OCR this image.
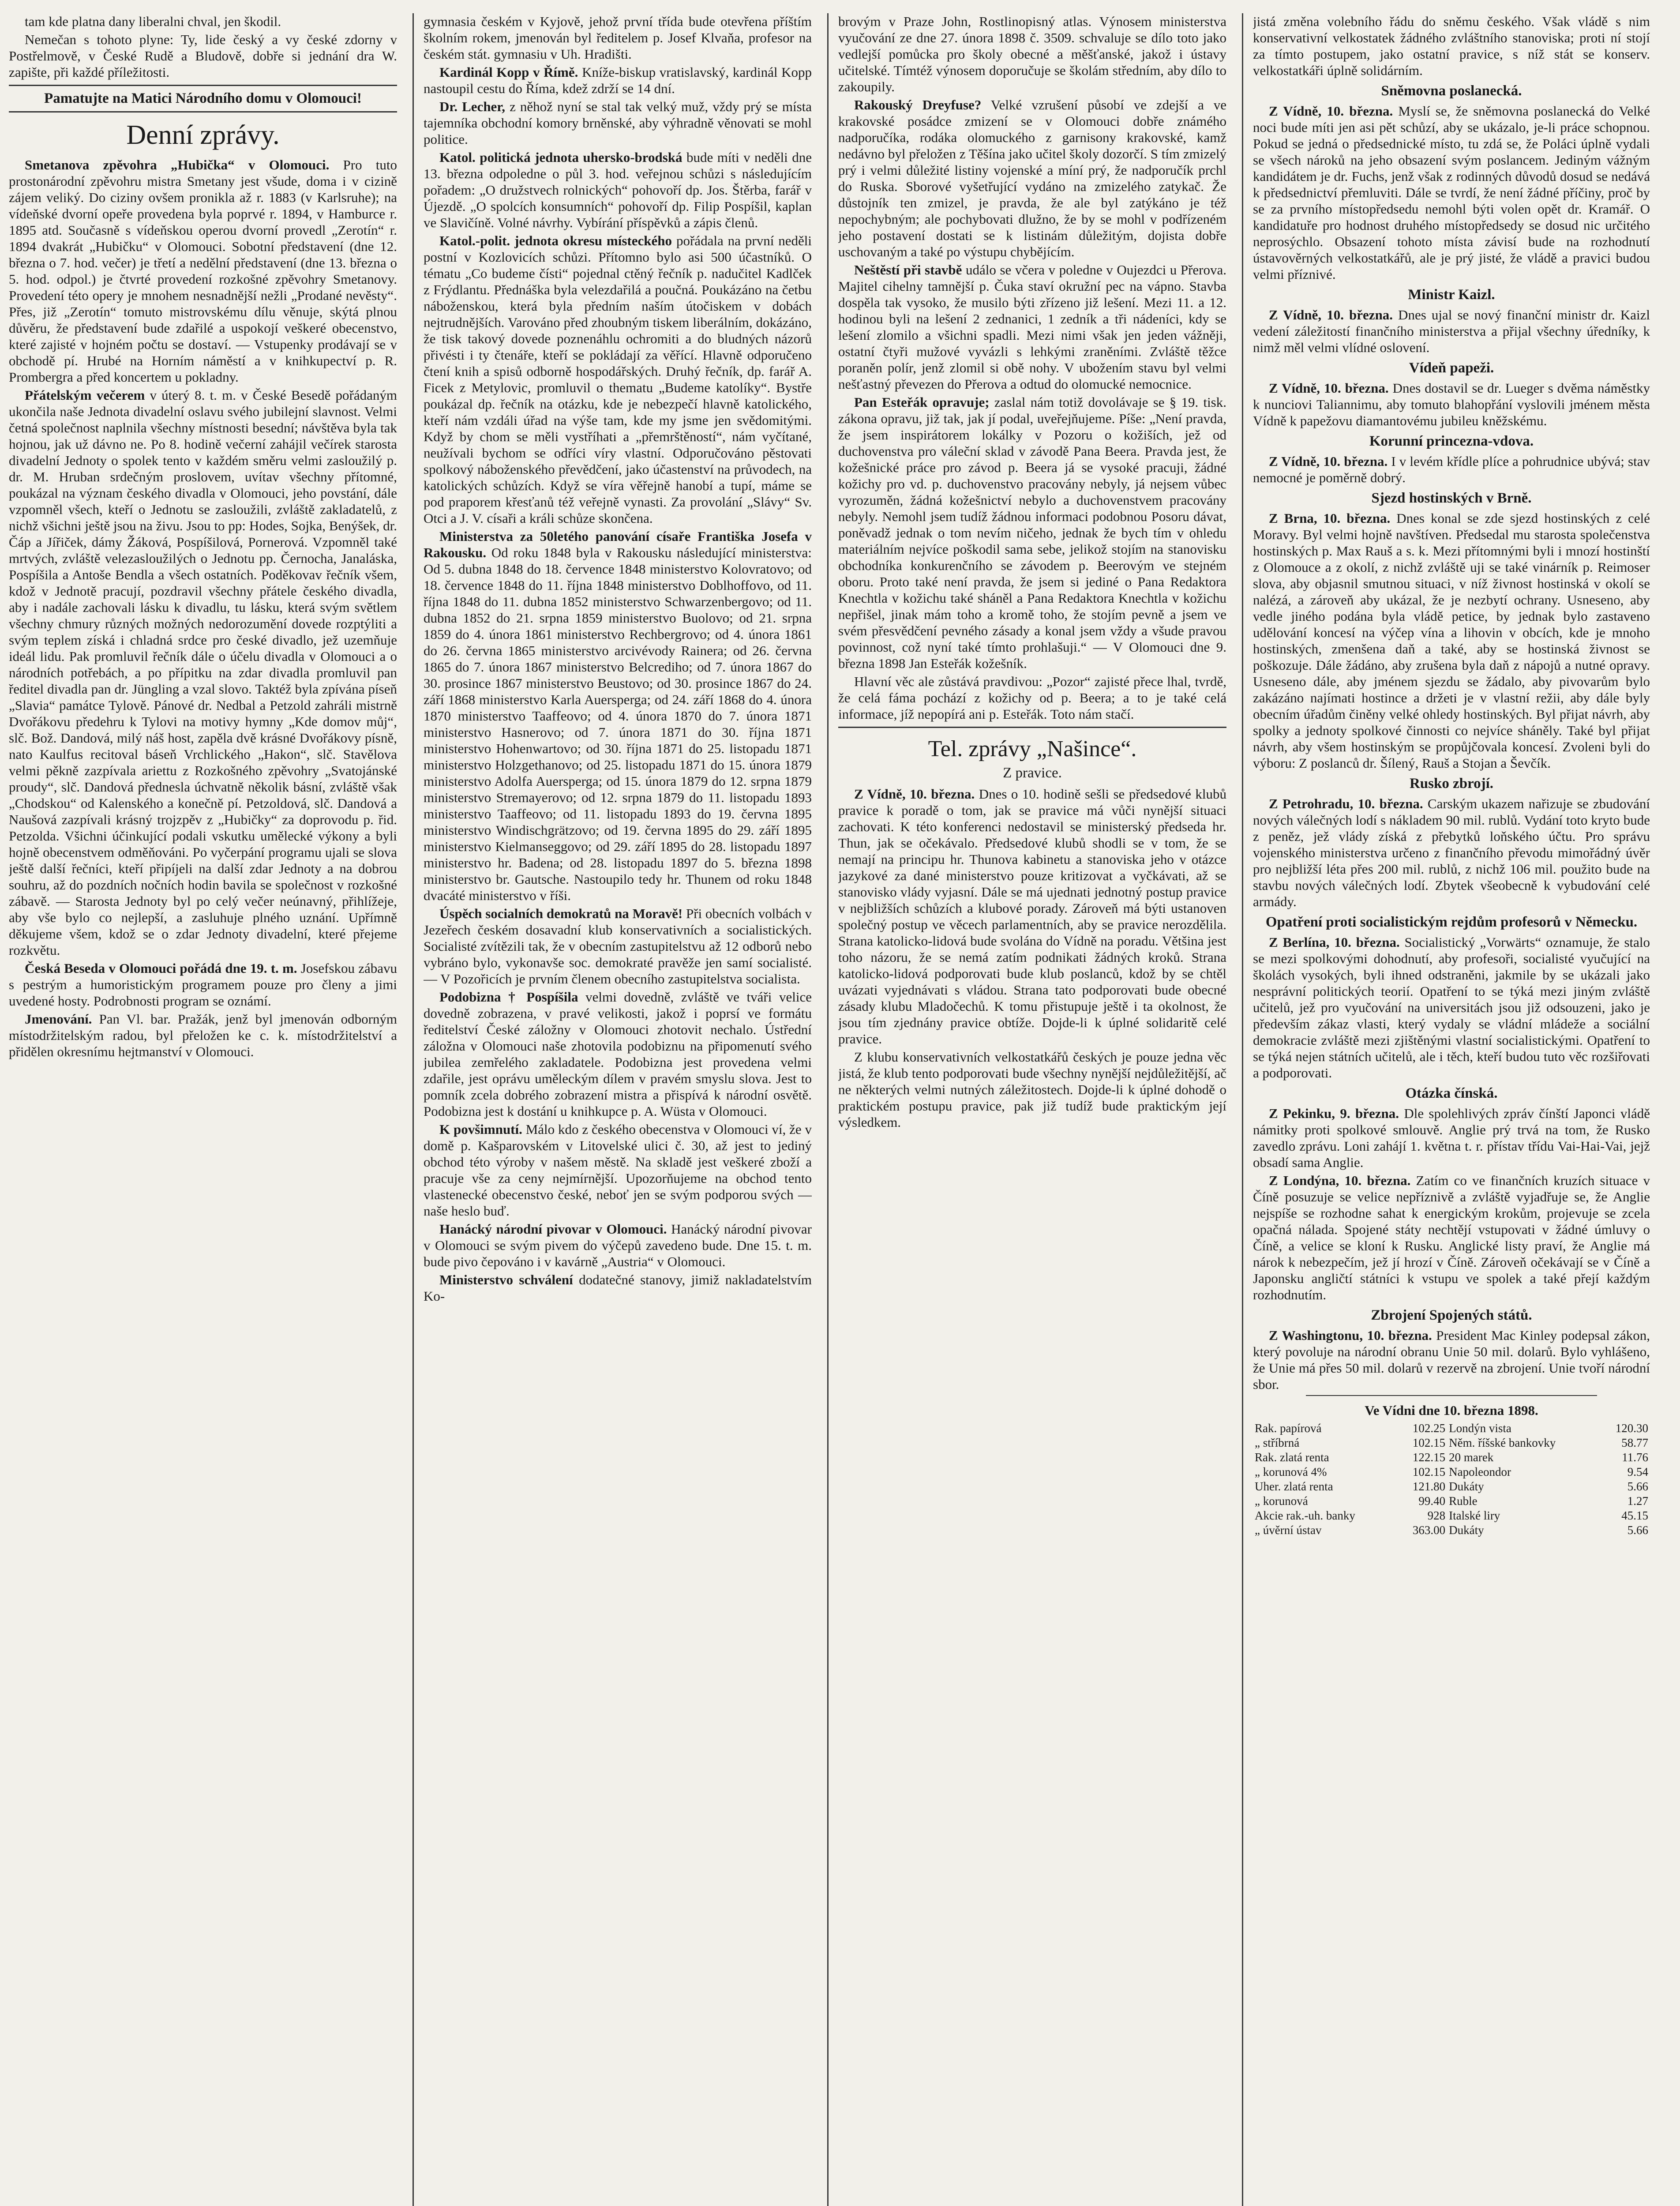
tam kde platna dany liberalni chval, jen škodil.

Nemečan s tohoto plyne: Ty, lide český a vy české zdorny v Postřelmově, v České Rudě a Bludově, dobře si jednání dra W. zapište, při každé příležitosti.

Pamatujte na Matici Národního domu v Olomouci!
Denní zprávy.

Smetanova zpěvohra „Hubička“ v Olomouci. Pro tuto prostonárodní zpěvohru mistra Smetany jest všude, doma i v cizině zájem veliký. Do ciziny ovšem pronikla až r. 1883 (v Karlsruhe); na vídeňské dvorní opeře provedena byla poprvé r. 1894, v Hamburce r. 1895 atd. Současně s vídeňskou operou dvorní provedl „Zerotín“ r. 1894 dvakrát „Hubičku“ v Olomouci. Sobotní představení (dne 12. března o 7. hod. večer) je třetí a nedělní představení (dne 13. března o 5. hod. odpol.) je čtvrté provedení rozkošné zpěvohry Smetanovy. Provedení této opery je mnohem nesnadnější nežli „Prodané nevěsty“. Přes, již „Zerotín“ tomuto mistrovskému dílu věnuje, skýtá plnou důvěru, že představení bude zdařilé a uspokojí veškeré obecenstvo, které zajisté v hojném počtu se dostaví. — Vstupenky prodávají se v obchodě pí. Hrubé na Horním náměstí a v knihkupectví p. R. Prombergra a před koncertem u pokladny.

Přátelským večerem v úterý 8. t. m. v České Besedě pořádaným ukončila naše Jednota divadelní oslavu svého jubilejní slavnost. Velmi četná společnost naplnila všechny místnosti besední; návštěva byla tak hojnou, jak už dávno ne. Po 8. hodině večerní zahájil večírek starosta divadelní Jednoty o spolek tento v každém směru velmi zasloužilý p. dr. M. Hruban srdečným proslovem, uvítav všechny přítomné, poukázal na význam českého divadla v Olomouci, jeho povstání, dále vzpomněl všech, kteří o Jednotu se zasloužili, zvláště zakladatelů, z nichž všichni ještě jsou na živu. Jsou to pp: Hodes, Sojka, Benýšek, dr. Čáp a Jířiček, dámy Žáková, Pospíšilová, Pornerová. Vzpomněl také mrtvých, zvláště velezasloužilých o Jednotu pp. Černocha, Janaláska, Pospíšila a Antoše Bendla a všech ostatních. Poděkovav řečník všem, kdož v Jednotě pracují, pozdravil všechny přátele českého divadla, aby i nadále zachovali lásku k divadlu, tu lásku, která svým světlem všechny chmury různých možných nedorozumění dovede rozptýliti a svým teplem získá i chladná srdce pro české divadlo, jež uzemňuje ideál lidu. Pak promluvil řečník dále o účelu divadla v Olomouci a o národních potřebách, a po přípitku na zdar divadla promluvil pan ředitel divadla pan dr. Jüngling a vzal slovo. Taktéž byla zpívána píseň „Slavia“ památce Tylově. Pánové dr. Nedbal a Petzold zahráli mistrně Dvořákovu předehru k Tylovi na motivy hymny „Kde domov můj“, slč. Bož. Dandová, milý náš host, zapěla dvě krásné Dvořákovy písně, nato Kaulfus recitoval báseň Vrchlického „Hakon“, slč. Stavělova velmi pěkně zazpívala ariettu z Rozkošného zpěvohry „Svatojánské proudy“, slč. Dandová přednesla úchvatně několik básní, zvláště však „Chodskou“ od Kalenského a konečně pí. Petzoldová, slč. Dandová a Naušová zazpívali krásný trojzpěv z „Hubičky“ za doprovodu p. řid. Petzolda. Všichni účinkující podali vskutku umělecké výkony a byli hojně obecenstvem odměňováni. Po vyčerpání programu ujali se slova ještě další řečníci, kteří připíjeli na další zdar Jednoty a na dobrou souhru, až do pozdních nočních hodin bavila se společnost v rozkošné zábavě. — Starosta Jednoty byl po celý večer neúnavný, přihlížeje, aby vše bylo co nejlepší, a zasluhuje plného uznání. Upřímně děkujeme všem, kdož se o zdar Jednoty divadelní, které přejeme rozkvětu.

Česká Beseda v Olomouci pořádá dne 19. t. m. Josefskou zábavu s pestrým a humoristickým programem pouze pro členy a jimi uvedené hosty. Podrobnosti program se oznámí.

Jmenování. Pan Vl. bar. Pražák, jenž byl jmenován odborným místodržitelským radou, byl přeložen ke c. k. místodržitelství a přidělen okresnímu hejtmanství v Olomouci.

gymnasia českém v Kyjově, jehož první třída bude otevřena příštím školním rokem, jmenován byl ředitelem p. Josef Klvaňa, profesor na českém stát. gymnasiu v Uh. Hradišti.

Kardinál Kopp v Římě. Kníže-biskup vratislavský, kardinál Kopp nastoupil cestu do Říma, kdež zdrží se 14 dní.

Dr. Lecher, z něhož nyní se stal tak velký muž, vždy prý se místa tajemníka obchodní komory brněnské, aby výhradně věnovati se mohl politice.

Katol. politická jednota uhersko-brodská bude míti v neděli dne 13. března odpoledne o půl 3. hod. veřejnou schůzi s následujícím pořadem: „O družstvech rolnických“ pohovoří dp. Jos. Štěrba, farář v Újezdě. „O spolcích konsumních“ pohovoří dp. Filip Pospíšil, kaplan ve Slavičíně. Volné návrhy. Vybírání příspěvků a zápis členů.

Katol.-polit. jednota okresu místeckého pořádala na první neděli postní v Kozlovicích schůzi. Přítomno bylo asi 500 účastníků. O tématu „Co budeme čísti“ pojednal ctěný řečník p. nadučitel Kadlček z Frýdlantu. Přednáška byla velezdařilá a poučná. Poukázáno na četbu náboženskou, která byla předním naším útočiskem v dobách nejtrudnějších. Varováno před zhoubným tiskem liberálním, dokázáno, že tisk takový dovede poznenáhlu ochromiti a do bludných názorů přivésti i ty čtenáře, kteří se pokládají za věřící. Hlavně odporučeno čtení knih a spisů odborně hospodářských. Druhý řečník, dp. farář A. Ficek z Metylovic, promluvil o thematu „Budeme katolíky“. Bystře poukázal dp. řečník na otázku, kde je nebezpečí hlavně katolického, kteří nám vzdáli úřad na výše tam, kde my jsme jen svědomitými. Když by chom se měli vystříhati a „přemrštěností“, nám vyčítané, neužívali bychom se odříci víry vlastní. Odporučováno pěstovati spolkový náboženského převědčení, jako účastenství na průvodech, na katolických schůzích. Když se víra věřejně hanobí a tupí, máme se pod praporem křesťanů též veřejně vynasti. Za provolání „Slávy“ Sv. Otci a J. V. císaři a králi schůze skončena.

Ministerstva za 50letého panování císaře Františka Josefa v Rakousku. Od roku 1848 byla v Rakousku následující ministerstva: Od 5. dubna 1848 do 18. července 1848 ministerstvo Kolovratovo; od 18. července 1848 do 11. října 1848 ministerstvo Doblhoffovo, od 11. října 1848 do 11. dubna 1852 ministerstvo Schwarzenbergovo; od 11. dubna 1852 do 21. srpna 1859 ministerstvo Buolovo; od 21. srpna 1859 do 4. února 1861 ministerstvo Rechbergrovo; od 4. února 1861 do 26. června 1865 ministerstvo arcivévody Rainera; od 26. června 1865 do 7. února 1867 ministerstvo Belcrediho; od 7. února 1867 do 30. prosince 1867 ministerstvo Beustovo; od 30. prosince 1867 do 24. září 1868 ministerstvo Karla Auersperga; od 24. září 1868 do 4. února 1870 ministerstvo Taaffeovo; od 4. února 1870 do 7. února 1871 ministerstvo Hasnerovo; od 7. února 1871 do 30. října 1871 ministerstvo Hohenwartovo; od 30. října 1871 do 25. listopadu 1871 ministerstvo Holzgethanovo; od 25. listopadu 1871 do 15. února 1879 ministerstvo Adolfa Auersperga; od 15. února 1879 do 12. srpna 1879 ministerstvo Stremayerovo; od 12. srpna 1879 do 11. listopadu 1893 ministerstvo Taaffeovo; od 11. listopadu 1893 do 19. června 1895 ministerstvo Windischgrätzovo; od 19. června 1895 do 29. září 1895 ministerstvo Kielmanseggovo; od 29. září 1895 do 28. listopadu 1897 ministerstvo hr. Badena; od 28. listopadu 1897 do 5. března 1898 ministerstvo br. Gautsche. Nastoupilo tedy hr. Thunem od roku 1848 dvacáté ministerstvo v říši.

Úspěch socialních demokratů na Moravě! Při obecních volbách v Jezeřech českém dosavadní klub konservativních a socialistických. Socialisté zvítězili tak, že v obecním zastupitelstvu až 12 odborů nebo vybráno bylo, vykonavše soc. demokraté pravěže jen samí socialisté. — V Pozořicích je prvním členem obecního zastupitelstva socialista.

Podobizna † Pospíšila velmi dovedně, zvláště ve tváři velice dovedně zobrazena, v pravé velikosti, jakož i poprsí ve formátu ředitelství České záložny v Olomouci zhotovit nechalo. Ústřední záložna v Olomouci naše zhotovila podobiznu na připomenutí svého jubilea zemřelého zakladatele. Podobizna jest provedena velmi zdařile, jest oprávu uměleckým dílem v pravém smyslu slova. Jest to pomník zcela dobrého zobrazení mistra a přispívá k národní osvětě. Podobizna jest k dostání u knihkupce p. A. Wüsta v Olomouci.

K povšimnutí. Málo kdo z českého obecenstva v Olomouci ví, že v domě p. Kašparovském v Litovelské ulici č. 30, až jest to jediný obchod této výroby v našem městě. Na skladě jest veškeré zboží a pracuje vše za ceny nejmírnější. Upozorňujeme na obchod tento vlastenecké obecenstvo české, neboť jen se svým podporou svých — naše heslo buď.

Hanácký národní pivovar v Olomouci. Hanácký národní pivovar v Olomouci se svým pivem do výčepů zavedeno bude. Dne 15. t. m. bude pivo čepováno i v kavárně „Austria“ v Olomouci.

Ministerstvo schválení dodatečné stanovy, jimiž nakladatelstvím Ko-

brovým v Praze John, Rostlinopisný atlas. Výnosem ministerstva vyučování ze dne 27. února 1898 č. 3509. schvaluje se dílo toto jako vedlejší pomůcka pro školy obecné a měšťanské, jakož i ústavy učitelské. Tímtéž výnosem doporučuje se školám středním, aby dílo to zakoupily.

Rakouský Dreyfuse? Velké vzrušení působí ve zdejší a ve krakovské posádce zmizení se v Olomouci dobře známého nadporučíka, rodáka olomuckého z garnisony krakovské, kamž nedávno byl přeložen z Těšína jako učitel školy dozorčí. S tím zmizelý prý i velmi důležité listiny vojenské a míní prý, že nadporučík prchl do Ruska. Sborové vyšetřující vydáno na zmizelého zatykač. Že důstojník ten zmizel, je pravda, že ale byl zatýkáno je též nepochybným; ale pochybovati dlužno, že by se mohl v podřízeném jeho postavení dostati se k listinám důležitým, dojista dobře uschovaným a také po výstupu chybějícím.

Neštěstí při stavbě událo se včera v poledne v Oujezdci u Přerova. Majitel cihelny tamnější p. Čuka staví okružní pec na vápno. Stavba dospěla tak vysoko, že musilo býti zřízeno již lešení. Mezi 11. a 12. hodinou byli na lešení 2 zednanici, 1 zedník a tři nádeníci, kdy se lešení zlomilo a všichni spadli. Mezi nimi však jen jeden vážněji, ostatní čtyři mužové vyvázli s lehkými zraněními. Zvláště těžce poraněn polír, jenž zlomil si obě nohy. V ubožením stavu byl velmi nešťastný převezen do Přerova a odtud do olomucké nemocnice.

Pan Esteřák opravuje; zaslal nám totiž dovolávaje se § 19. tisk. zákona opravu, již tak, jak jí podal, uveřejňujeme. Píše: „Není pravda, že jsem inspirátorem lokálky v Pozoru o kožiších, jež od duchovenstva pro váleční sklad v závodě Pana Beera. Pravda jest, že kožešnické práce pro závod p. Beera já se vysoké pracuji, žádné kožichy pro vd. p. duchovenstvo pracovány nebyly, já nejsem vůbec vyrozuměn, žádná kožešnictví nebylo a duchovenstvem pracovány nebyly. Nemohl jsem tudíž žádnou informaci podobnou Posoru dávat, poněvadž jednak o tom nevím ničeho, jednak že bych tím v ohledu materiálním nejvíce poškodil sama sebe, jelikož stojím na stanovisku obchodníka konkurenčního se závodem p. Beerovým ve stejném oboru. Proto také není pravda, že jsem si jediné o Pana Redaktora Knechtla v kožichu také sháněl a Pana Redaktora Knechtla v kožichu nepřišel, jinak mám toho a kromě toho, že stojím pevně a jsem ve svém přesvědčení pevného zásady a konal jsem vždy a všude pravou povinnost, což nyní také tímto prohlašuji.“ — V Olomouci dne 9. března 1898 Jan Esteřák kožešník.

Hlavní věc ale zůstává pravdivou: „Pozor“ zajisté přece lhal, tvrdě, že celá fáma pochází z kožichy od p. Beera; a to je také celá informace, jíž nepopírá ani p. Esteřák. Toto nám stačí.

Tel. zprávy „Našince“.
Z pravice.

Z Vídně, 10. března. Dnes o 10. hodině sešli se předsedové klubů pravice k poradě o tom, jak se pravice má vůči nynější situaci zachovati. K této konferenci nedostavil se ministerský předseda hr. Thun, jak se očekávalo. Předsedové klubů shodli se v tom, že se nemají na principu hr. Thunova kabinetu a stanoviska jeho v otázce jazykové za dané ministerstvo pouze kritizovat a vyčkávati, až se stanovisko vlády vyjasní. Dále se má ujednati jednotný postup pravice v nejbližších schůzích a klubové porady. Zároveň má býti ustanoven společný postup ve věcech parlamentních, aby se pravice nerozdělila. Strana katolicko-lidová bude svolána do Vídně na poradu. Většina jest toho názoru, že se nemá zatím podnikati žádných kroků. Strana katolicko-lidová podporovati bude klub poslanců, kdož by se chtěl uvázati vyjednávati s vládou. Strana tato podporovati bude obecné zásady klubu Mladočechů. K tomu přistupuje ještě i ta okolnost, že jsou tím zjednány pravice obtíže. Dojde-li k úplné solidaritě celé pravice.

Z klubu konservativních velkostatkářů českých je pouze jedna věc jistá, že klub tento podporovati bude všechny nynější nejdůležitější, ač ne některých velmi nutných záležitostech. Dojde-li k úplné dohodě o praktickém postupu pravice, pak již tudíž bude praktickým její výsledkem.

jistá změna volebního řádu do sněmu českého. Však vládě s nim konservativní velkostatek žádného zvláštního stanoviska; proti ní stojí za tímto postupem, jako ostatní pravice, s níž stát se konserv. velkostatkáři úplně solidárním.

Sněmovna poslanecká.

Z Vídně, 10. března. Myslí se, že sněmovna poslanecká do Velké noci bude míti jen asi pět schůzí, aby se ukázalo, je-li práce schopnou. Pokud se jedná o předsednické místo, tu zdá se, že Poláci úplně vydali se všech nároků na jeho obsazení svým poslancem. Jediným vážným kandidátem je dr. Fuchs, jenž však z rodinných důvodů dosud se nedává k předsednictví přemluviti. Dále se tvrdí, že není žádné příčiny, proč by se za prvního místopředsedu nemohl býti volen opět dr. Kramář. O kandidatuře pro hodnost druhého místopředsedy se dosud nic určitého neprosýchlo. Obsazení tohoto místa závisí bude na rozhodnutí ústavověrných velkostatkářů, ale je prý jisté, že vládě a pravici budou velmi příznivé.

Ministr Kaizl.

Z Vídně, 10. března. Dnes ujal se nový finanční ministr dr. Kaizl vedení záležitostí finančního ministerstva a přijal všechny úředníky, k nimž měl velmi vlídné oslovení.

Vídeň papeži.

Z Vídně, 10. března. Dnes dostavil se dr. Lueger s dvěma náměstky k nunciovi Taliannimu, aby tomuto blahopřání vyslovili jménem města Vídně k papežovu diamantovému jubileu kněžskému.

Korunní princezna-vdova.

Z Vídně, 10. března. I v levém křídle plíce a pohrudnice ubývá; stav nemocné je poměrně dobrý.

Sjezd hostinských v Brně.

Z Brna, 10. března. Dnes konal se zde sjezd hostinských z celé Moravy. Byl velmi hojně navštíven. Předsedal mu starosta společenstva hostinských p. Max Rauš a s. k. Mezi přítomnými byli i mnozí hostinští z Olomouce a z okolí, z nichž zvláště uji se také vinárník p. Reimoser slova, aby objasnil smutnou situaci, v níž živnost hostinská v okolí se nalézá, a zároveň aby ukázal, že je nezbytí ochrany. Usneseno, aby vedle jiného podána byla vládě petice, by jednak bylo zastaveno udělování koncesí na výčep vína a lihovin v obcích, kde je mnoho hostinských, zmenšena daň a také, aby se hostinská živnost se poškozuje. Dále žádáno, aby zrušena byla daň z nápojů a nutné opravy. Usneseno dále, aby jménem sjezdu se žádalo, aby pivovarům bylo zakázáno najímati hostince a držeti je v vlastní režii, aby dále byly obecním úřadům činěny velké ohledy hostinských. Byl přijat návrh, aby spolky a jednoty spolkové činnosti co nejvíce sháněly. Také byl přijat návrh, aby všem hostinským se propůjčovala koncesí. Zvoleni byli do výboru: Z poslanců dr. Šílený, Rauš a Stojan a Ševčík.

Rusko zbrojí.

Z Petrohradu, 10. března. Carským ukazem nařizuje se zbudování nových válečných lodí s nákladem 90 mil. rublů. Vydání toto kryto bude z peněz, jež vlády získá z přebytků loňského účtu. Pro správu vojenského ministerstva určeno z finančního převodu mimořádný úvěr pro nejbližší léta přes 200 mil. rublů, z nichž 106 mil. použito bude na stavbu nových válečných lodí. Zbytek všeobecně k vybudování celé armády.

Opatření proti socialistickým rejdům profesorů v Německu.

Z Berlína, 10. března. Socialistický „Vorwärts“ oznamuje, že stalo se mezi spolkovými dohodnutí, aby profesoři, socialisté vyučující na školách vysokých, byli ihned odstraněni, jakmile by se ukázali jako nesprávní politických teorií. Opatření to se týká mezi jiným zvláště učitelů, jež pro vyučování na universitách jsou již odsouzeni, jako je především zákaz vlasti, který vydaly se vládní mládeže a sociální demokracie zvláště mezi zjištěnými vlastní socialistickými. Opatření to se týká nejen státních učitelů, ale i těch, kteří budou tuto věc rozšiřovati a podporovati.

Otázka čínská.

Z Pekinku, 9. března. Dle spolehlivých zpráv čínští Japonci vládě námitky proti spolkové smlouvě. Anglie prý trvá na tom, že Rusko zavedlo zprávu. Loni zahájí 1. května t. r. přístav třídu Vai-Hai-Vai, jejž obsadí sama Anglie.

Z Londýna, 10. března. Zatím co ve finančních kruzích situace v Číně posuzuje se velice nepříznivě a zvláště vyjadřuje se, že Anglie nejspíše se rozhodne sahat k energickým krokům, projevuje se zcela opačná nálada. Spojené státy nechtějí vstupovati v žádné úmluvy o Číně, a velice se kloní k Rusku. Anglické listy praví, že Anglie má nárok k nebezpečím, jež jí hrozí v Číně. Zároveň očekávají se v Číně a Japonsku angličtí státníci k vstupu ve spolek a také přejí každým rozhodnutím.

Zbrojení Spojených států.

Z Washingtonu, 10. března. President Mac Kinley podepsal zákon, který povoluje na národní obranu Unie 50 mil. dolarů. Bylo vyhlášeno, že Unie má přes 50 mil. dolarů v rezervě na zbrojení. Unie tvoří národní sbor.

Ve Vídni dne 10. března 1898.
Rak. papírová	102.25	Londýn vista	120.30
„ stříbrná	102.15	Něm. říšské bankovky	58.77
Rak. zlatá renta	122.15	20 marek	11.76
„ korunová 4%	102.15	Napoleondor	9.54
Uher. zlatá renta	121.80	Dukáty	5.66
„ korunová	99.40	Ruble	1.27
Akcie rak.-uh. banky	928	Italské liry	45.15
„ úvěrní ústav	363.00	Dukáty	5.66
